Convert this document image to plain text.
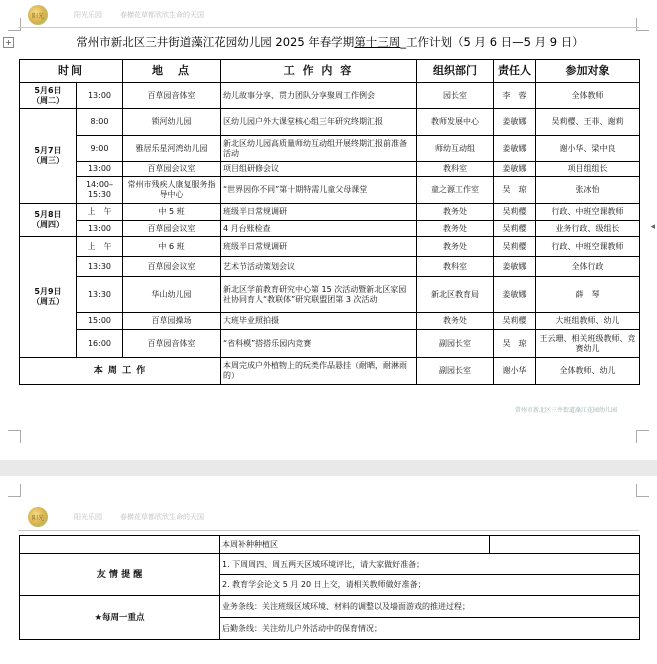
+
◂
阳光	阳光乐园	春横花草都欣欣生命的天国
常州市新北区三井街道藻江花园幼儿园 2025 年春学期第十三周_工作计划（5 月 6 日—5 月 9 日）
时间		地　点	工 作 内 容	组织部门	责任人	参加对象
5月6日
（周二）	13:00	百草园音体室	幼儿故事分享、贯力团队分享聚周工作例会	园长室	李　蓉	全体教师
5月7日
（周三）	8:00	锁河幼儿园	区幼儿园户外大课堂核心组三年研究终期汇报	教师发展中心	姜敏娜	吴莉樱、王菲、谢莉
	9:00	雅居乐星河湾幼儿园	新北区幼儿园高质量师幼互动组开展终期汇报前准备活动	师幼互动组	姜敏娜	谢小华、梁中良
	13:00	百草园会议室	项目组研修会议	教科室	姜敏娜	项目组组长
	14:00–15:30	常州市残疾人康复服务指导中心	“世界因你不同”第十期特需儿童父母课堂	童之源工作室	吴　琼	张冰怡
5月8日
（周四）	上　午	中 5 班	班级半日常规调研	教务处	吴莉樱	行政、中班空课教师
	13:00	百草园会议室	4 月台账检查	教务处	吴莉樱	业务行政、级组长
5月9日
（周五）	上　午	中 6 班	班级半日常规调研	教务处	吴莉樱	行政、中班空课教师
	13:30	百草园会议室	艺术节活动策划会议	教科室	姜敏娜	全体行政
	13:30	华山幼儿园	新北区学前教育研究中心第 15 次活动暨新北区家园社协同育人“教联体”研究联盟团第 3 次活动	新北区教育局	姜敏娜	薛　琴
	15:00	百草园操场	大班毕业照拍摄	教务处	吴莉樱	大班组教师、幼儿
	16:00	百草园音体室	“省科模”搭搭乐园内竞赛	副园长室	吴　琼	王云珊、相关班级教师、竞赛幼儿
本 周 工 作			本周完成户外植物上的玩类作品悬挂（耐晒，耐淋雨的）	副园长室	谢小华	全体教师、幼儿
常州市新北区三井街道藻江花园幼儿园
阳光	阳光乐园	春横花草都欣欣生命的天国
	本周补种种植区	
友 情 提 醒	1. 下周周四、周五两天区域环境评比，请大家做好准备；
2. 教育学会论文 5 月 20 日上交，请相关教师做好准备；	

★每周一重点	业务条线：关注班级区域环境、材料的调整以及墙面游戏的推进过程；
后勤条线：关注幼儿户外活动中的保育情况；	
